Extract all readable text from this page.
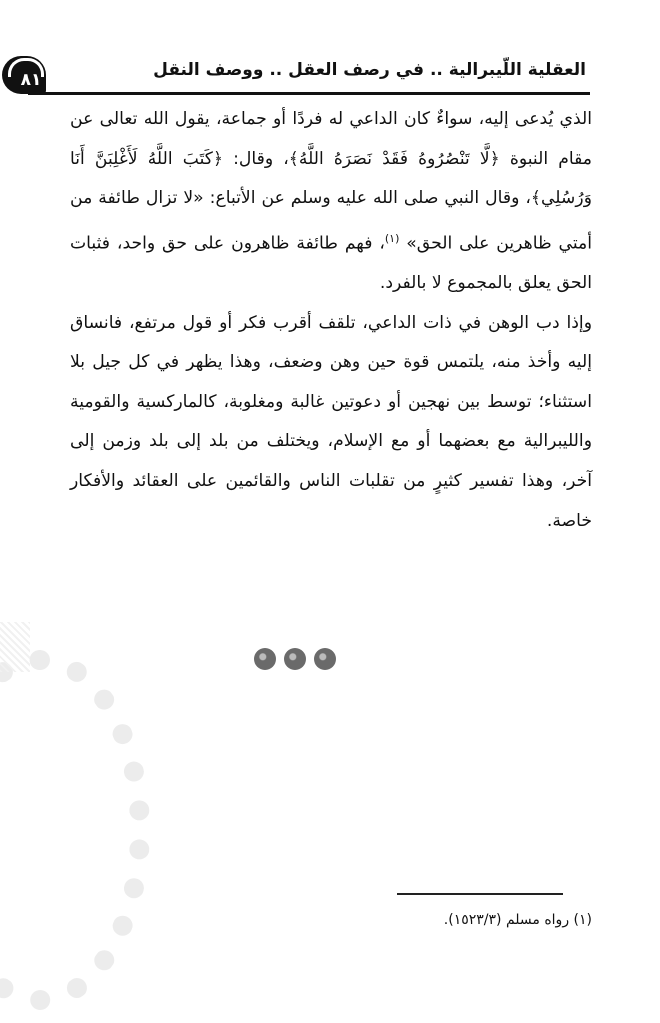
٨١	العقلية اللّيبرالية .. في رصف العقل .. ووصف النقل

الذي يُدعى إليه، سواءٌ كان الداعي له فردًا أو جماعة، يقول الله تعالى عن مقام النبوة ﴿لَّا تَنْصُرُوهُ فَقَدْ نَصَرَهُ اللَّهُ﴾، وقال: ﴿كَتَبَ اللَّهُ لَأَغْلِبَنَّ أَنَا وَرُسُلِي﴾، وقال النبي صلى الله عليه وسلم عن الأتباع: «لا تزال طائفة من أمتي ظاهرين على الحق» $^{(١)}$، فهم طائفة ظاهرون على حق واحد، فثبات الحق يعلق بالمجموع لا بالفرد.

وإذا دب الوهن في ذات الداعي، تلقف أقرب فكر أو قول مرتفع، فانساق إليه وأخذ منه، يلتمس قوة حين وهن وضعف، وهذا يظهر في كل جيل بلا استثناء؛ توسط بين نهجين أو دعوتين غالبة ومغلوبة، كالماركسية والقومية والليبرالية مع بعضهما أو مع الإسلام، ويختلف من بلد إلى بلد وزمن إلى آخر، وهذا تفسير كثيرٍ من تقلبات الناس والقائمين على العقائد والأفكار خاصة.

(١) رواه مسلم (١٥٢٣/٣).
